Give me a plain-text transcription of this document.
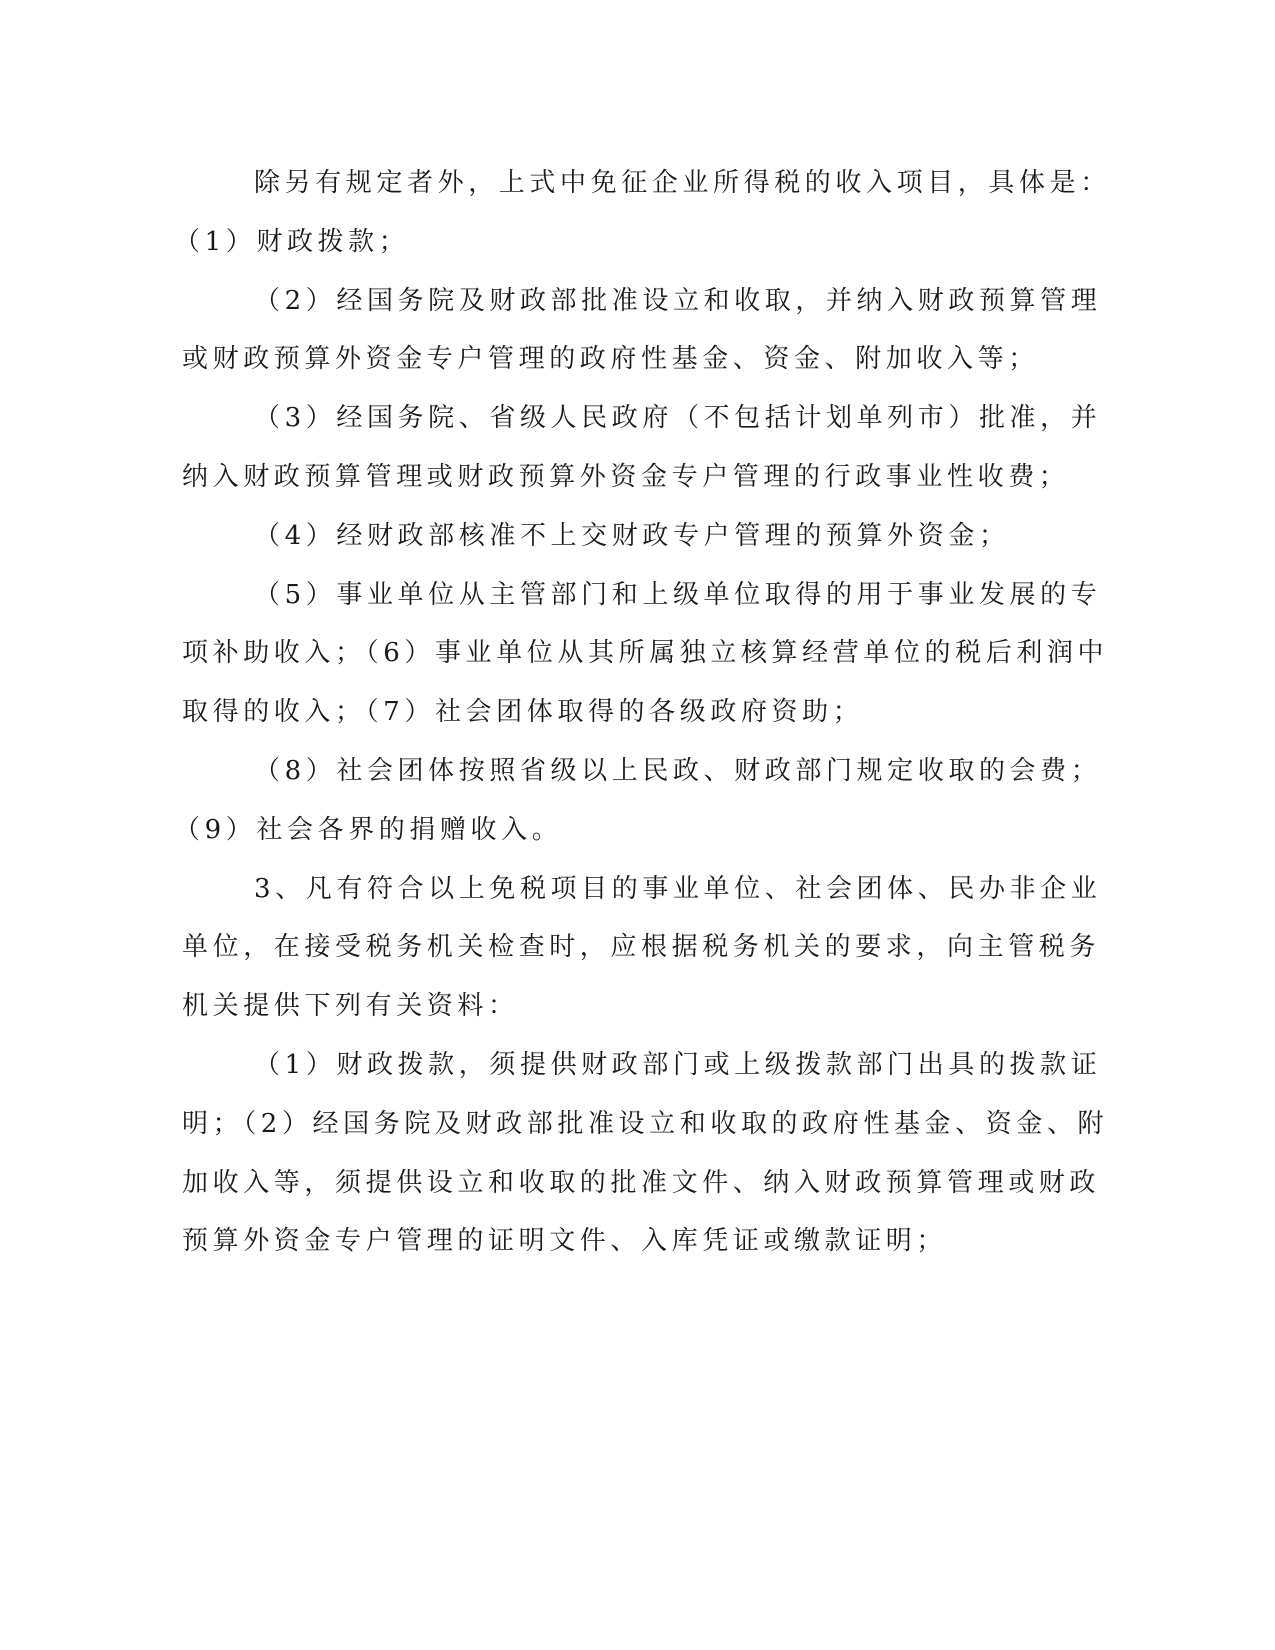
除另有规定者外，上式中免征企业所得税的收入项目，具体是：
（1）财政拨款；
（2）经国务院及财政部批准设立和收取，并纳入财政预算管理
或财政预算外资金专户管理的政府性基金、资金、附加收入等；
（3）经国务院、省级人民政府（不包括计划单列市）批准，并
纳入财政预算管理或财政预算外资金专户管理的行政事业性收费；
（4）经财政部核准不上交财政专户管理的预算外资金；
（5）事业单位从主管部门和上级单位取得的用于事业发展的专
项补助收入；（6）事业单位从其所属独立核算经营单位的税后利润中
取得的收入；（7）社会团体取得的各级政府资助；
（8）社会团体按照省级以上民政、财政部门规定收取的会费；
（9）社会各界的捐赠收入。
3、凡有符合以上免税项目的事业单位、社会团体、民办非企业
单位，在接受税务机关检查时，应根据税务机关的要求，向主管税务
机关提供下列有关资料：
（1）财政拨款，须提供财政部门或上级拨款部门出具的拨款证
明；（2）经国务院及财政部批准设立和收取的政府性基金、资金、附
加收入等，须提供设立和收取的批准文件、纳入财政预算管理或财政
预算外资金专户管理的证明文件、入库凭证或缴款证明；
